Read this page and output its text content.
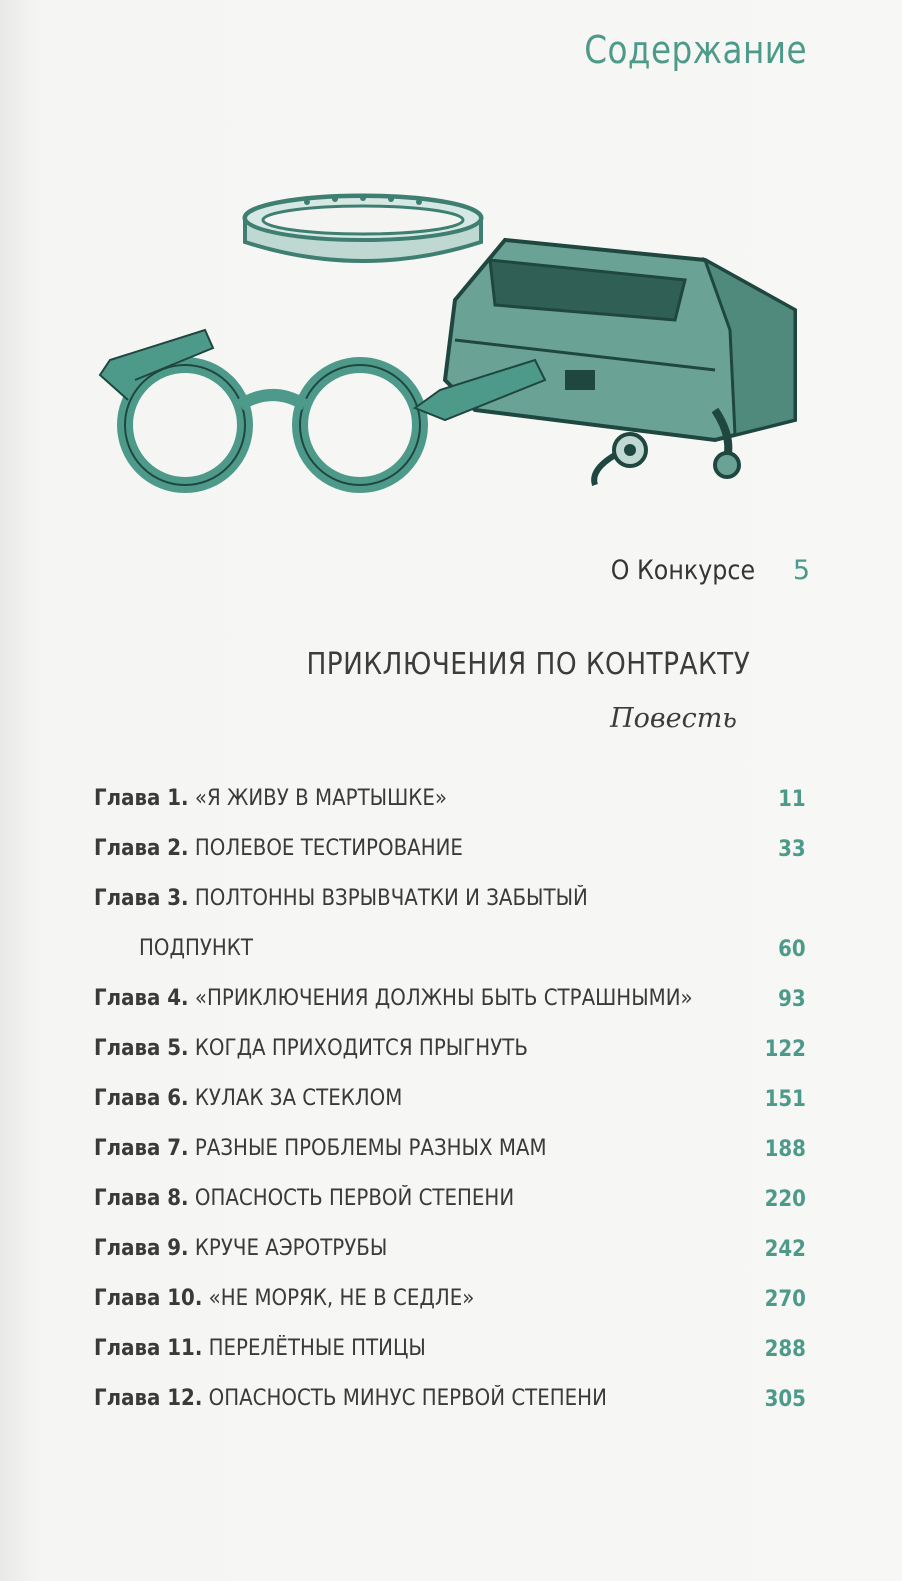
Содержание
О Конкурсе 5
ПРИКЛЮЧЕНИЯ ПО КОНТРАКТУ
Повесть
Глава 1. «Я ЖИВУ В МАРТЫШКЕ»	11
Глава 2. ПОЛЕВОЕ ТЕСТИРОВАНИЕ	33
Глава 3. ПОЛТОННЫ ВЗРЫВЧАТКИ И ЗАБЫТЫЙ
ПОДПУНКТ	60
Глава 4. «ПРИКЛЮЧЕНИЯ ДОЛЖНЫ БЫТЬ СТРАШНЫМИ»	93
Глава 5. КОГДА ПРИХОДИТСЯ ПРЫГНУТЬ	122
Глава 6. КУЛАК ЗА СТЕКЛОМ	151
Глава 7. РАЗНЫЕ ПРОБЛЕМЫ РАЗНЫХ МАМ	188
Глава 8. ОПАСНОСТЬ ПЕРВОЙ СТЕПЕНИ	220
Глава 9. КРУЧЕ АЭРОТРУБЫ	242
Глава 10. «НЕ МОРЯК, НЕ В СЕДЛЕ»	270
Глава 11. ПЕРЕЛЁТНЫЕ ПТИЦЫ	288
Глава 12. ОПАСНОСТЬ МИНУС ПЕРВОЙ СТЕПЕНИ	305
